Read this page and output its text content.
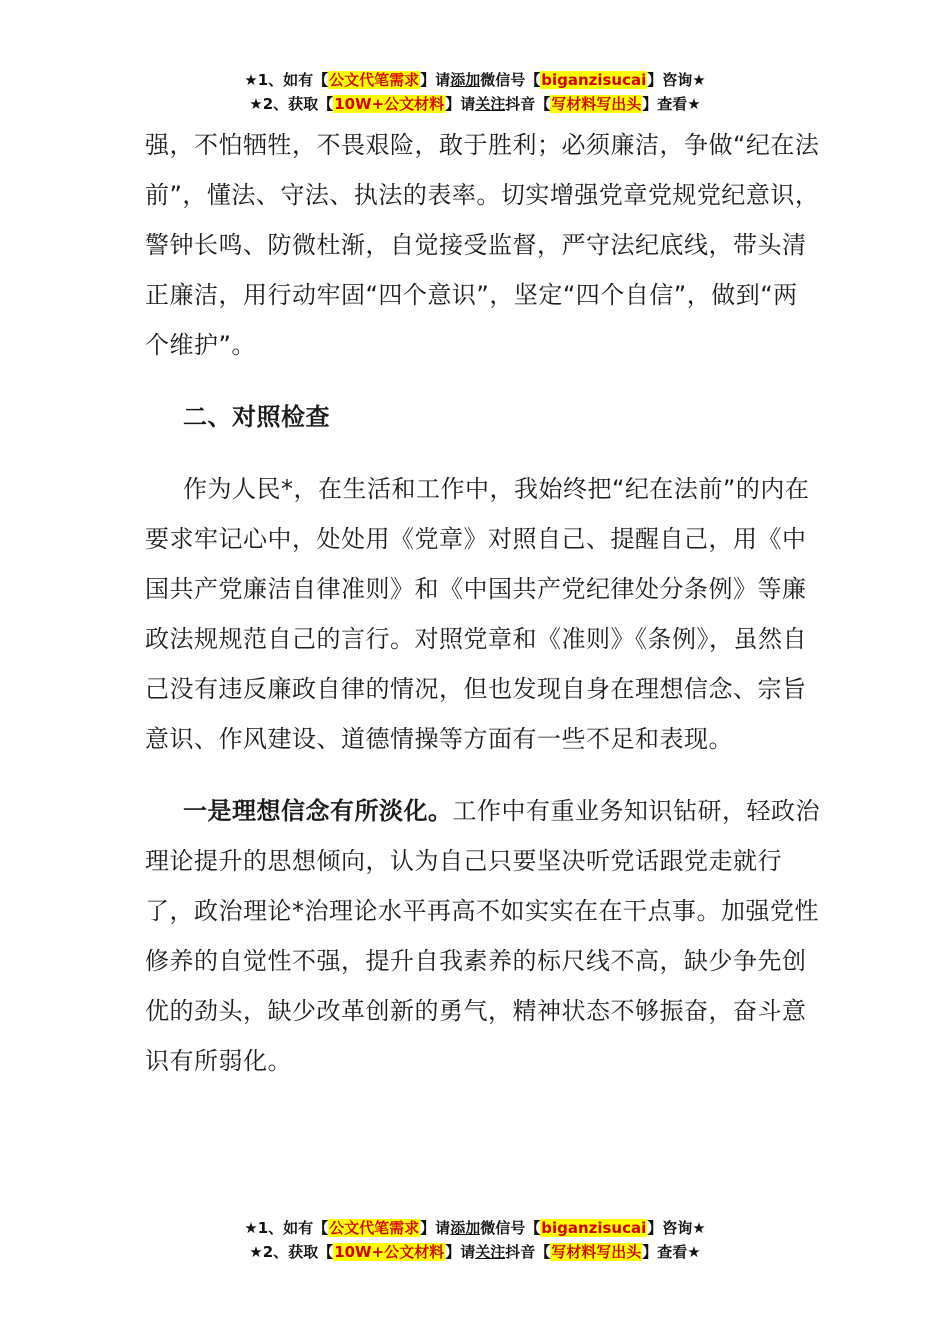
★1、如有【公文代笔需求】请添加微信号【biganzisucai】咨询★
★2、获取【10W+公文材料】请关注抖音【写材料写出头】查看★

强，不怕牺牲，不畏艰险，敢于胜利；必须廉洁，争做“纪在法前”，懂法、守法、执法的表率。切实增强党章党规党纪意识，警钟长鸣、防微杜渐，自觉接受监督，严守法纪底线，带头清正廉洁，用行动牢固“四个意识”，坚定“四个自信”，做到“两个维护”。

二、对照检查

作为人民*，在生活和工作中，我始终把“纪在法前”的内在要求牢记心中，处处用《党章》对照自己、提醒自己，用《中国共产党廉洁自律准则》和《中国共产党纪律处分条例》等廉政法规规范自己的言行。对照党章和《准则》《条例》，虽然自己没有违反廉政自律的情况，但也发现自身在理想信念、宗旨意识、作风建设、道德情操等方面有一些不足和表现。

一是理想信念有所淡化。工作中有重业务知识钻研，轻政治理论提升的思想倾向，认为自己只要坚决听党话跟党走就行了，政治理论*治理论水平再高不如实实在在干点事。加强党性修养的自觉性不强，提升自我素养的标尺线不高，缺少争先创优的劲头，缺少改革创新的勇气，精神状态不够振奋，奋斗意识有所弱化。

★1、如有【公文代笔需求】请添加微信号【biganzisucai】咨询★
★2、获取【10W+公文材料】请关注抖音【写材料写出头】查看★
